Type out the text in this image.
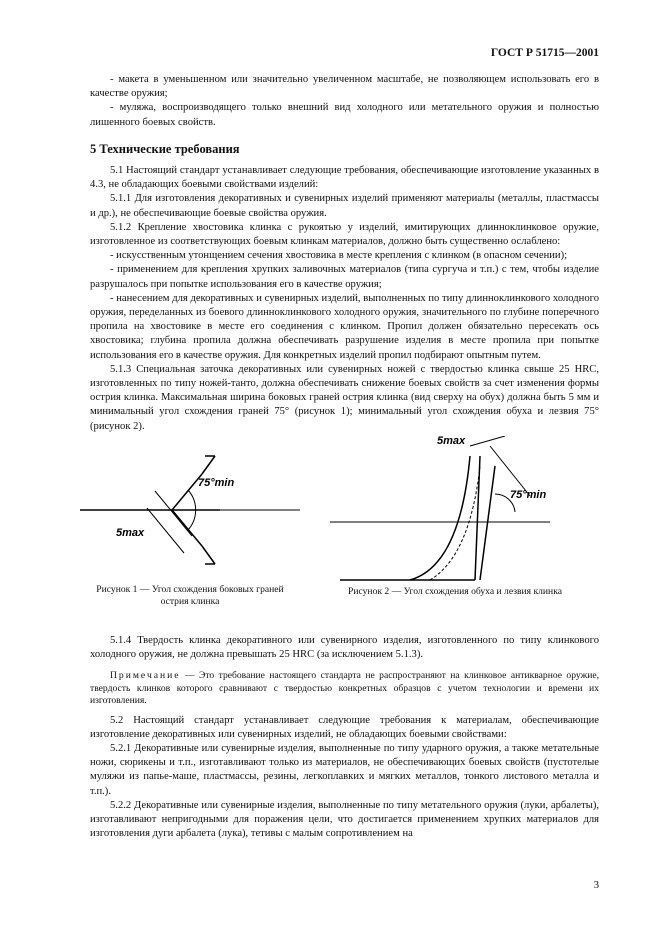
ГОСТ Р 51715—2001

- макета в уменьшенном или значительно увеличенном масштабе, не позволяющем использовать его в качестве оружия;

- муляжа, воспроизводящего только внешний вид холодного или метательного оружия и полностью лишенного боевых свойств.

5 Технические требования

5.1 Настоящий стандарт устанавливает следующие требования, обеспечивающие изготовление указанных в 4.3, не обладающих боевыми свойствами изделий:

5.1.1 Для изготовления декоративных и сувенирных изделий применяют материалы (металлы, пластмассы и др.), не обеспечивающие боевые свойства оружия.

5.1.2 Крепление хвостовика клинка с рукоятью у изделий, имитирующих длинноклинковое оружие, изготовленное из соответствующих боевым клинкам материалов, должно быть существенно ослаблено:

- искусственным утонщением сечения хвостовика в месте крепления с клинком (в опасном сечении);

- применением для крепления хрупких заливочных материалов (типа сургуча и т.п.) с тем, чтобы изделие разрушалось при попытке использования его в качестве оружия;

- нанесением для декоративных и сувенирных изделий, выполненных по типу длинноклинкового холодного оружия, переделанных из боевого длинноклинкового холодного оружия, значительного по глубине поперечного пропила на хвостовике в месте его соединения с клинком. Пропил должен обязательно пересекать ось хвостовика; глубина пропила должна обеспечивать разрушение изделия в месте пропила при попытке использования его в качестве оружия. Для конкретных изделий пропил подбирают опытным путем.

5.1.3 Специальная заточка декоративных или сувенирных ножей с твердостью клинка свыше 25 HRC, изготовленных по типу ножей-танто, должна обеспечивать снижение боевых свойств за счет изменения формы острия клинка. Максимальная ширина боковых граней острия клинка (вид сверху на обух) должна быть 5 мм и минимальный угол схождения граней 75° (рисунок 1); минимальный угол схождения обуха и лезвия 75° (рисунок 2).

75°min
5max
Рисунок 1 — Угол схождения боковых граней острия клинка
5max
75°min
Рисунок 2 — Угол схождения обуха и лезвия клинка

5.1.4 Твердость клинка декоративного или сувенирного изделия, изготовленного по типу клинкового холодного оружия, не должна превышать 25 HRC (за исключением 5.1.3).

Примечание — Это требование настоящего стандарта не распространяют на клинковое антикварное оружие, твердость клинков которого сравнивают с твердостью конкретных образцов с учетом технологии и времени их изготовления.

5.2 Настоящий стандарт устанавливает следующие требования к материалам, обеспечивающие изготовление декоративных или сувенирных изделий, не обладающих боевыми свойствами:

5.2.1 Декоративные или сувенирные изделия, выполненные по типу ударного оружия, а также метательные ножи, сюрикены и т.п., изготавливают только из материалов, не обеспечивающих боевых свойств (пустотелые муляжи из папье-маше, пластмассы, резины, легкоплавких и мягких металлов, тонкого листового металла и т.п.).

5.2.2 Декоративные или сувенирные изделия, выполненные по типу метательного оружия (луки, арбалеты), изготавливают непригодными для поражения цели, что достигается применением хрупких материалов для изготовления дуги арбалета (лука), тетивы с малым сопротивлением на

3
